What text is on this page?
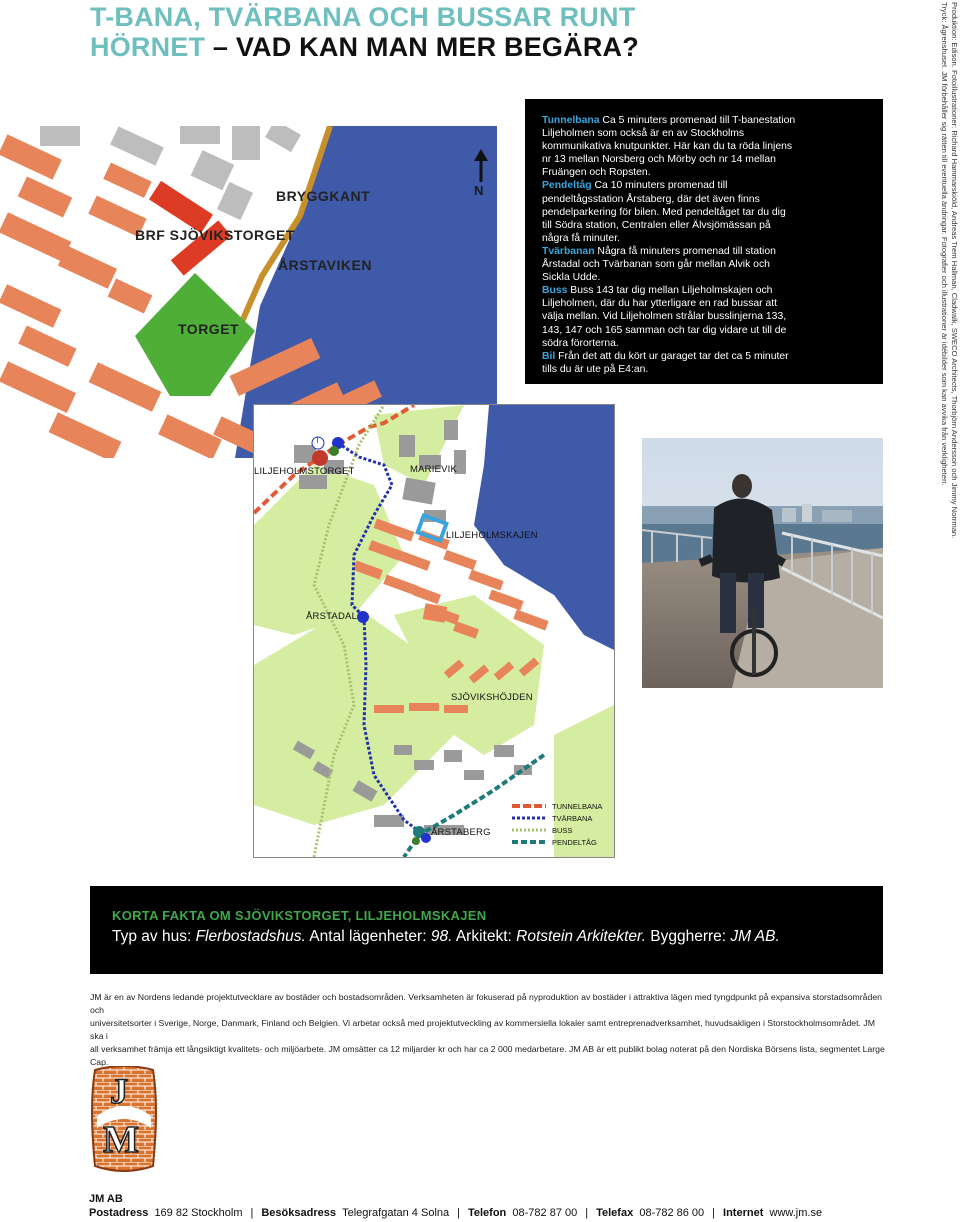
T-BANA, TVÄRBANA OCH BUSSAR RUNT
HÖRNET – VAD KAN MAN MER BEGÄRA?	Produktion: Edison. Fotoillustrationer: Richard Hammarskiöld, Andreas Trem Hallman, Cladwalk, SWECO Architects, Thorbjörn Andersson och Jimmy Norrman.
Tryck: Ågrenshuset. JM förbehåller sig rätten till eventuella ändringar. Fotografier och illustrationer är idébilder som kan avvika från verkligheten.
BRYGGKANT
BRF SJÖVIKSTORGET
ÅRSTAVIKEN
TORGET
N
Tunnelbana Ca 5 minuters promenad till T-banestation Liljeholmen som också är en av Stockholms kommunikativa knutpunkter. Här kan du ta röda linjens nr 13 mellan Norsberg och Mörby och nr 14 mellan Fruängen och Ropsten.
Pendeltåg Ca 10 minuters promenad till pendeltågsstation Årstaberg, där det även finns pendelparkering för bilen. Med pendeltåget tar du dig till Södra station, Centralen eller Älvsjömässan på några få minuter.
Tvärbanan Några få minuters promenad till station Årstadal och Tvärbanan som går mellan Alvik och Sickla Udde.
Buss Buss 143 tar dig mellan Liljeholmskajen och Liljeholmen, där du har ytterligare en rad bussar att välja mellan. Vid Liljeholmen strålar busslinjerna 133, 143, 147 och 165 samman och tar dig vidare ut till de södra förorterna.
Bil Från det att du kört ur garaget tar det ca 5 minuter tills du är ute på E4:an.
T
LILJEHOLMSTORGET	MARIEVIK
LILJEHOLMSKAJEN
ÅRSTADAL
SJÖVIKSHÖJDEN
ÅRSTABERG
TUNNELBANA
TVÄRBANA
BUSS
PENDELTÅG
KORTA FAKTA OM SJÖVIKSTORGET, LILJEHOLMSKAJEN
Typ av hus: Flerbostadshus. Antal lägenheter: 98. Arkitekt: Rotstein Arkitekter. Byggherre: JM AB.
JM är en av Nordens ledande projektutvecklare av bostäder och bostadsområden. Verksamheten är fokuserad på nyproduktion av bostäder i attraktiva lägen med tyngdpunkt på expansiva storstadsområden och
universitetsorter i Sverige, Norge, Danmark, Finland och Belgien. Vi arbetar också med projektutveckling av kommersiella lokaler samt entreprenadverksamhet, huvudsakligen i Storstockholmsområdet. JM ska i
all verksamhet främja ett långsiktigt kvalitets- och miljöarbete. JM omsätter ca 12 miljarder kr och har ca 2 000 medarbetare. JM AB är ett publikt bolag noterat på den Nordiska Börsens lista, segmentet Large Cap.
J
M
JM AB
Postadress 169 82 Stockholm | Besöksadress Telegrafgatan 4 Solna | Telefon 08-782 87 00 | Telefax 08-782 86 00 | Internet www.jm.se
